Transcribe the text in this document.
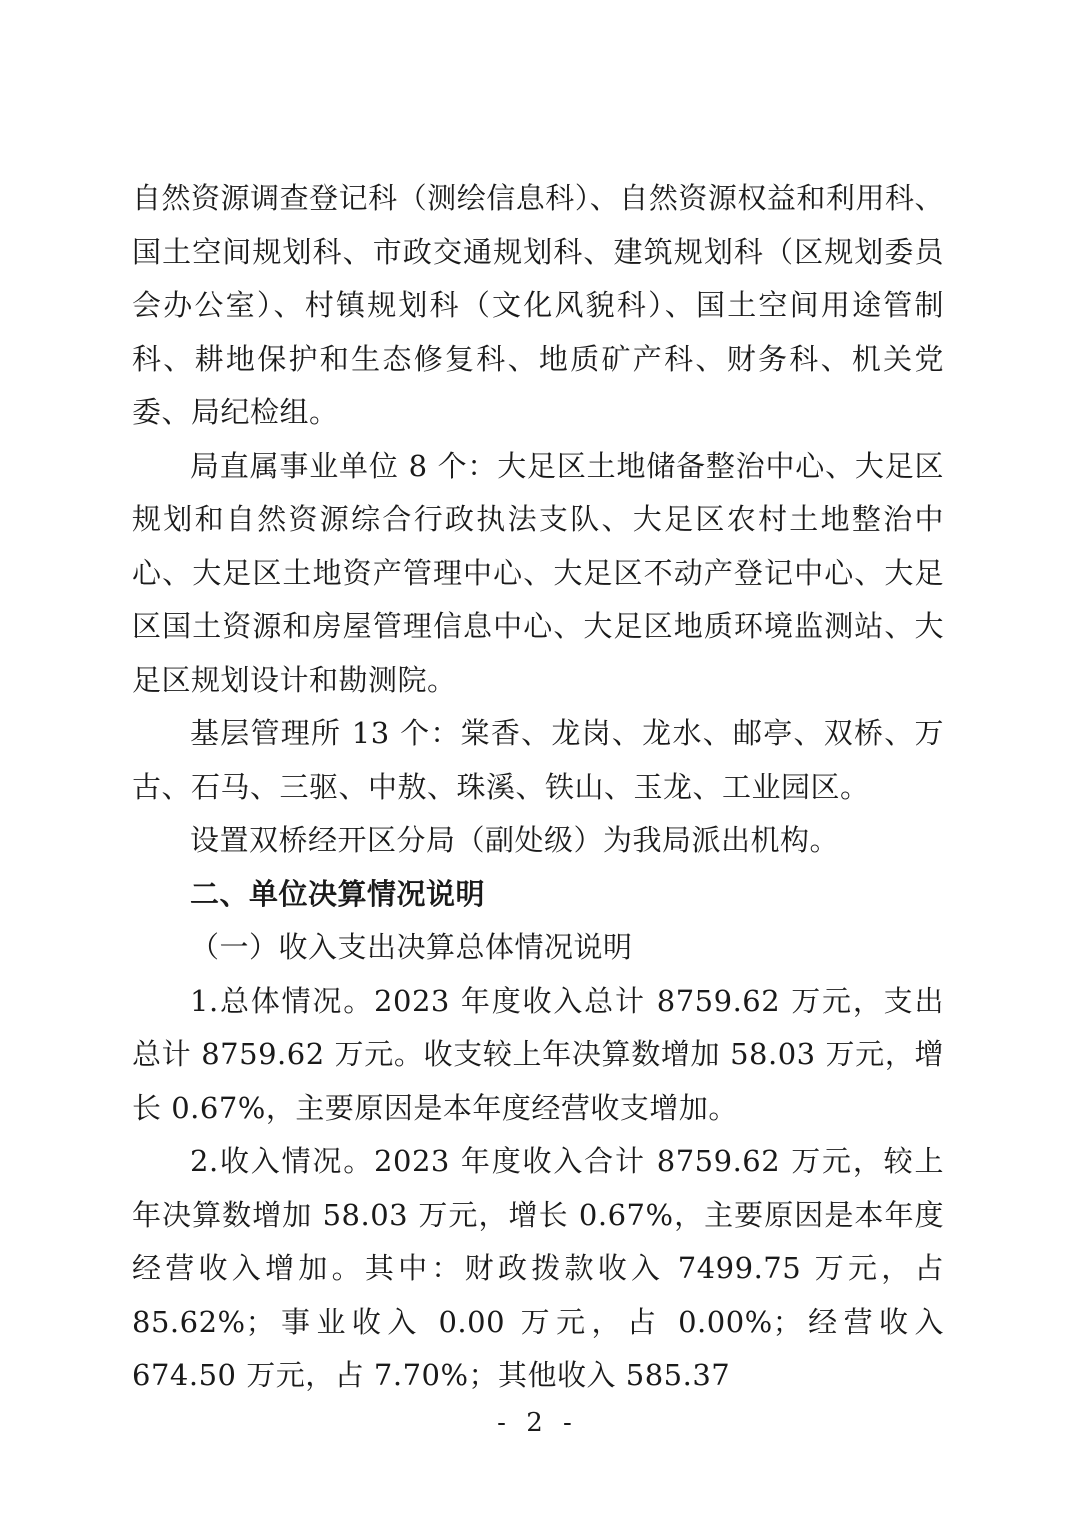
自然资源调查登记科（测绘信息科）、自然资源权益和利用科、国土空间规划科、市政交通规划科、建筑规划科（区规划委员会办公室）、村镇规划科（文化风貌科）、国土空间用途管制科、耕地保护和生态修复科、地质矿产科、财务科、机关党委、局纪检组。

局直属事业单位 8 个：大足区土地储备整治中心、大足区规划和自然资源综合行政执法支队、大足区农村土地整治中心、大足区土地资产管理中心、大足区不动产登记中心、大足区国土资源和房屋管理信息中心、大足区地质环境监测站、大足区规划设计和勘测院。

基层管理所 13 个：棠香、龙岗、龙水、邮亭、双桥、万古、石马、三驱、中敖、珠溪、铁山、玉龙、工业园区。

设置双桥经开区分局（副处级）为我局派出机构。

二、单位决算情况说明

（一）收入支出决算总体情况说明

1.总体情况。2023 年度收入总计 8759.62 万元，支出总计 8759.62 万元。收支较上年决算数增加 58.03 万元，增长 0.67%，主要原因是本年度经营收支增加。

2.收入情况。2023 年度收入合计 8759.62 万元，较上年决算数增加 58.03 万元，增长 0.67%，主要原因是本年度经营收入增加。其中：财政拨款收入 7499.75 万元，占 85.62%；事业收入 0.00 万元，占 0.00%；经营收入 674.50 万元，占 7.70%；其他收入 585.37

- 2 -
